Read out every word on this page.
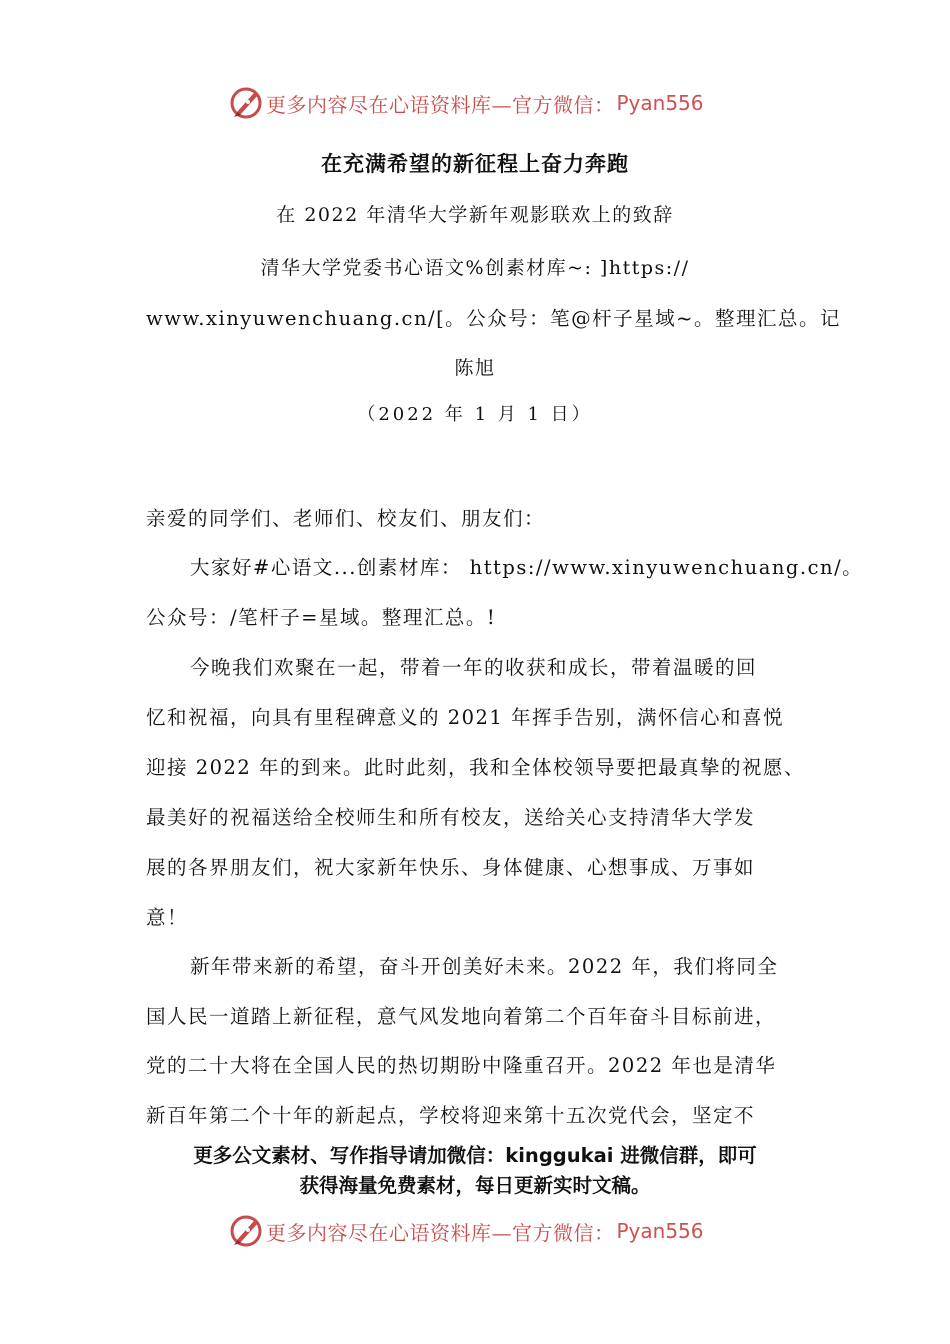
更多内容尽在心语资料库—官方微信： Pyan556
在充满希望的新征程上奋力奔跑
在 2022 年清华大学新年观影联欢上的致辞
清华大学党委书心语文%创素材库~: ]https://
www.xinyuwenchuang.cn/[。公众号：笔@杆子星域~。整理汇总。记
陈旭
（2022 年 1 月 1 日）
亲爱的同学们、老师们、校友们、朋友们：
大家好#心语文...创素材库： https://www.xinyuwenchuang.cn/。
公众号：/笔杆子=星域。整理汇总。!
今晚我们欢聚在一起，带着一年的收获和成长，带着温暖的回
忆和祝福，向具有里程碑意义的 2021 年挥手告别，满怀信心和喜悦
迎接 2022 年的到来。此时此刻，我和全体校领导要把最真挚的祝愿、
最美好的祝福送给全校师生和所有校友，送给关心支持清华大学发
展的各界朋友们，祝大家新年快乐、身体健康、心想事成、万事如
意！
新年带来新的希望，奋斗开创美好未来。2022 年，我们将同全
国人民一道踏上新征程，意气风发地向着第二个百年奋斗目标前进，
党的二十大将在全国人民的热切期盼中隆重召开。2022 年也是清华
新百年第二个十年的新起点，学校将迎来第十五次党代会，坚定不
更多公文素材、写作指导请加微信：kinggukai 进微信群，即可
获得海量免费素材，每日更新实时文稿。
更多内容尽在心语资料库—官方微信： Pyan556
